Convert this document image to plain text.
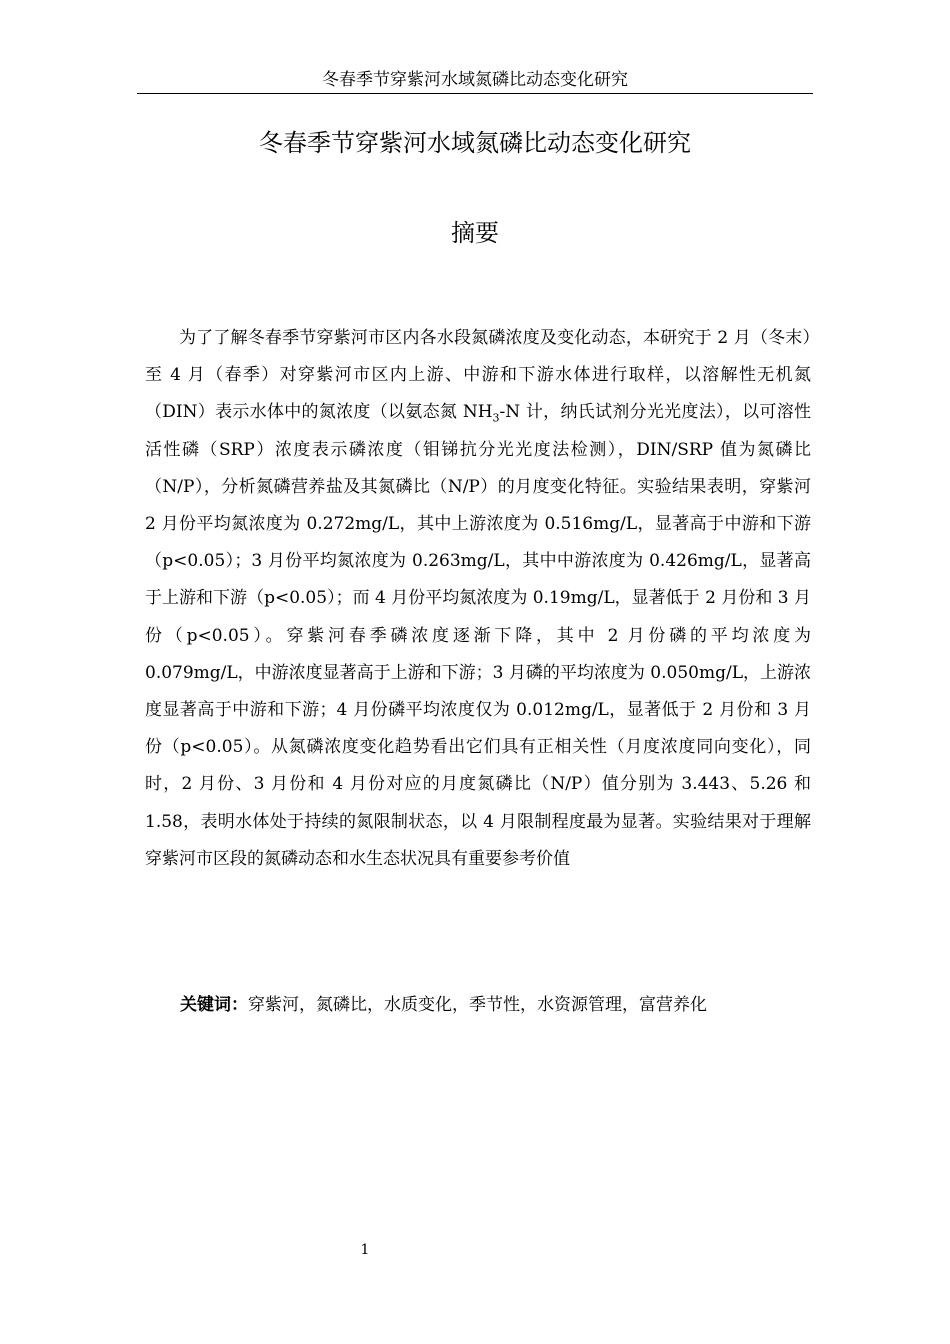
冬春季节穿紫河水域氮磷比动态变化研究
冬春季节穿紫河水域氮磷比动态变化研究
摘要

为了了解冬春季节穿紫河市区内各水段氮磷浓度及变化动态，本研究于 2 月（冬末）至 4 月（春季）对穿紫河市区内上游、中游和下游水体进行取样，以溶解性无机氮（DIN）表示水体中的氮浓度（以氨态氮 $NH_3-N$ 计，纳氏试剂分光光度法），以可溶性活性磷（SRP）浓度表示磷浓度（钼锑抗分光光度法检测），DIN/SRP 值为氮磷比（N/P），分析氮磷营养盐及其氮磷比（N/P）的月度变化特征。实验结果表明，穿紫河 2 月份平均氮浓度为 0.272mg/L，其中上游浓度为 0.516mg/L，显著高于中游和下游（p<0.05）；3 月份平均氮浓度为 0.263mg/L，其中中游浓度为 0.426mg/L，显著高于上游和下游（p<0.05）；而 4 月份平均氮浓度为 0.19mg/L，显著低于 2 月份和 3 月份（p<0.05）。穿紫河春季磷浓度逐渐下降，其中 2 月份磷的平均浓度为 0.079mg/L，中游浓度显著高于上游和下游；3 月磷的平均浓度为 0.050mg/L，上游浓度显著高于中游和下游；4 月份磷平均浓度仅为 0.012mg/L，显著低于 2 月份和 3 月份（p<0.05）。从氮磷浓度变化趋势看出它们具有正相关性（月度浓度同向变化），同时，2 月份、3 月份和 4 月份对应的月度氮磷比（N/P）值分别为 3.443、5.26 和 1.58，表明水体处于持续的氮限制状态，以 4 月限制程度最为显著。实验结果对于理解穿紫河市区段的氮磷动态和水生态状况具有重要参考价值

关键词：穿紫河，氮磷比，水质变化，季节性，水资源管理，富营养化
1
